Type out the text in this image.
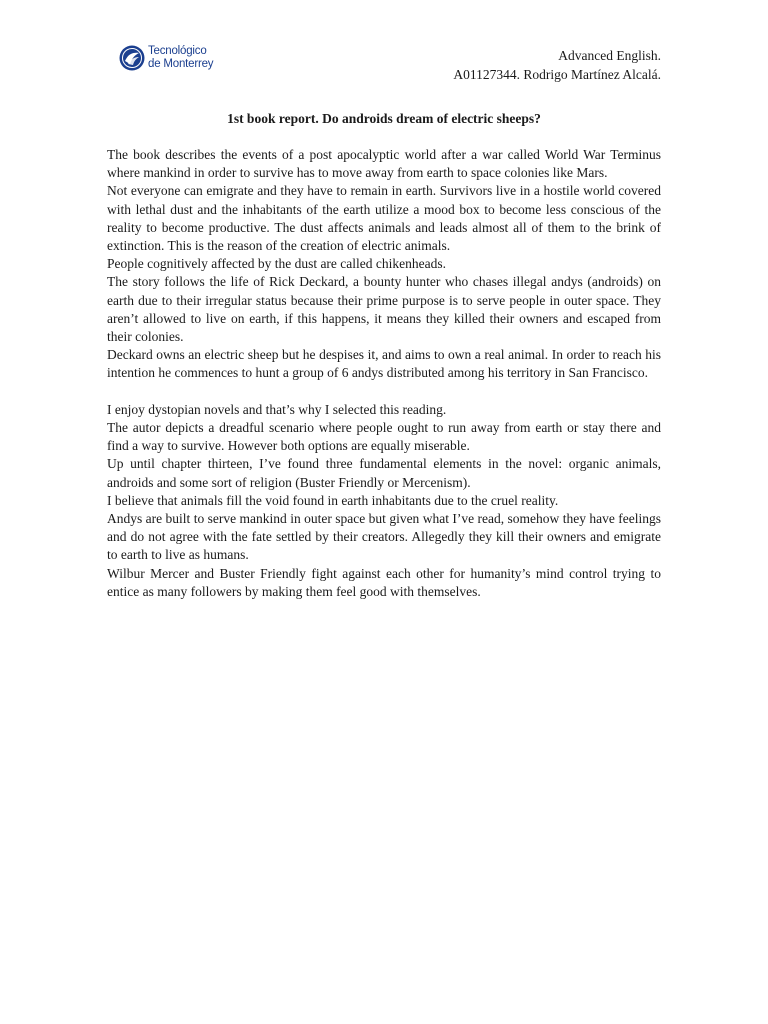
Tecnológico
de Monterrey
Advanced English.
A01127344. Rodrigo Martínez Alcalá.
1st book report. Do androids dream of electric sheeps?

The book describes the events of a post apocalyptic world after a war called World War Terminus where mankind in order to survive has to move away from earth to space colonies like Mars.

Not everyone can emigrate and they have to remain in earth. Survivors live in a hostile world covered with lethal dust and the inhabitants of the earth utilize a mood box to become less conscious of the reality to become productive. The dust affects animals and leads almost all of them to the brink of extinction. This is the reason of the creation of electric animals.

People cognitively affected by the dust are called chikenheads.

The story follows the life of Rick Deckard, a bounty hunter who chases illegal andys (androids) on earth due to their irregular status because their prime purpose is to serve people in outer space. They aren’t allowed to live on earth, if this happens, it means they killed their owners and escaped from their colonies.

Deckard owns an electric sheep but he despises it, and aims to own a real animal. In order to reach his intention he commences to hunt a group of 6 andys distributed among his territory in San Francisco.

I enjoy dystopian novels and that’s why I selected this reading.

The autor depicts a dreadful scenario where people ought to run away from earth or stay there and find a way to survive. However both options are equally miserable.

Up until chapter thirteen, I’ve found three fundamental elements in the novel: organic animals, androids and some sort of religion (Buster Friendly or Mercenism).

I believe that animals fill the void found in earth inhabitants due to the cruel reality.

Andys are built to serve mankind in outer space but given what I’ve read, somehow they have feelings and do not agree with the fate settled by their creators. Allegedly they kill their owners and emigrate to earth to live as humans.

Wilbur Mercer and Buster Friendly fight against each other for humanity’s mind control trying to entice as many followers by making them feel good with themselves.
